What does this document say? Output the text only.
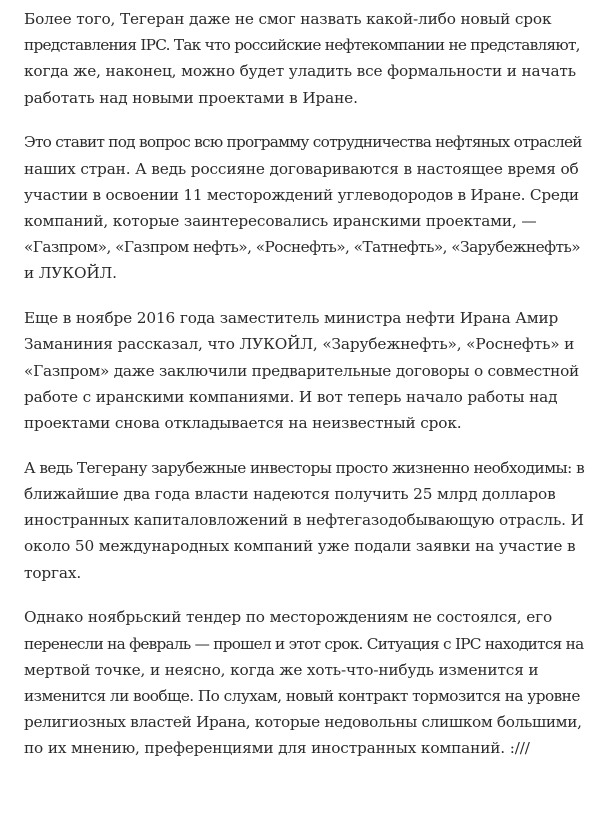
Более того, Тегеран даже не смог назвать какой-либо новый срок
представления IPC. Так что российские нефтекомпании не представляют,
когда же, наконец, можно будет уладить все формальности и начать
работать над новыми проектами в Иране.

Это ставит под вопрос всю программу сотрудничества нефтяных отраслей
наших стран. А ведь россияне договариваются в настоящее время об
участии в освоении 11 месторождений углеводородов в Иране. Среди
компаний, которые заинтересовались иранскими проектами, —
«Газпром», «Газпром нефть», «Роснефть», «Татнефть», «Зарубежнефть»
и ЛУКОЙЛ.

Еще в ноябре 2016 года заместитель министра нефти Ирана Амир
Заманиния рассказал, что ЛУКОЙЛ, «Зарубежнефть», «Роснефть» и
«Газпром» даже заключили предварительные договоры о совместной
работе с иранскими компаниями. И вот теперь начало работы над
проектами снова откладывается на неизвестный срок.

А ведь Тегерану зарубежные инвесторы просто жизненно необходимы: в
ближайшие два года власти надеются получить 25 млрд долларов
иностранных капиталовложений в нефтегазодобывающую отрасль. И
около 50 международных компаний уже подали заявки на участие в
торгах.

Однако ноябрьский тендер по месторождениям не состоялся, его
перенесли на февраль — прошел и этот срок. Ситуация с IPC находится на
мертвой точке, и неясно, когда же хоть-что-нибудь изменится и
изменится ли вообще. По слухам, новый контракт тормозится на уровне
религиозных властей Ирана, которые недовольны слишком большими,
по их мнению, преференциями для иностранных компаний. :///
